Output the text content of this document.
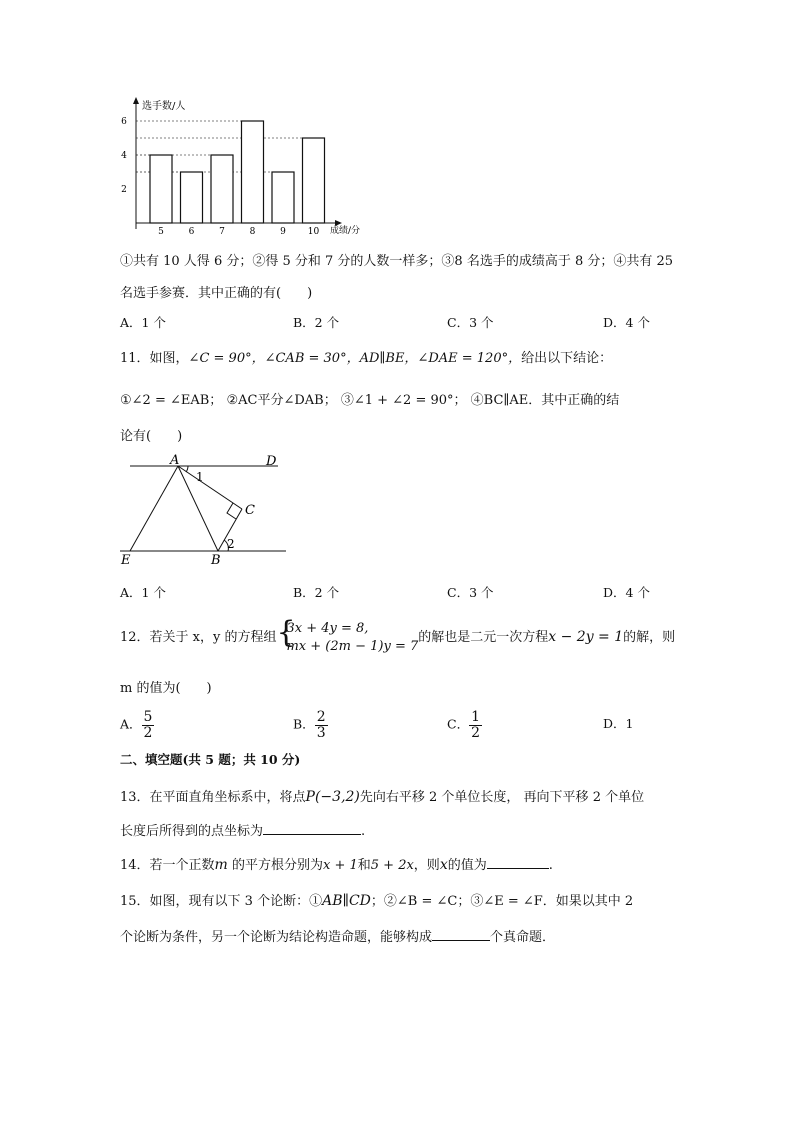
选手数/人
成绩/分
2
4
6
5	6	7	8	9 10
①共有 10 人得 6 分；②得 5 分和 7 分的人数一样多；③8 名选手的成绩高于 8 分；④共有 25
名选手参赛．其中正确的有(　　)
A．1 个	B．2 个	C．3 个	D．4 个
11．如图，∠C = 90°，∠CAB = 30°，AD∥BE，∠DAE = 120°，给出以下结论：
①∠2 = ∠EAB； ②AC平分∠DAB； ③∠1 + ∠2 = 90°； ④BC∥AE．其中正确的结
论有(　　)
A	D
1
C
2
E	B
A．1 个	B．2 个	C．3 个	D．4 个
12．若关于 x，y 的方程组 {
3x + 4y = 8,
mx + (2m − 1)y = 7
的解也是二元一次方程x − 2y = 1的解，则
m 的值为(　　)
A． $\frac{5}{2}$	B． $\frac{2}{3}$	C． $\frac{1}{2}$	D．1
二、填空题(共 5 题；共 10 分)
13．在平面直角坐标系中，将点P(−3,2)先向右平移 2 个单位长度， 再向下平移 2 个单位
长度后所得到的点坐标为	.
14．若一个正数m 的平方根分别为x + 1和5 + 2x，则x的值为	.
15．如图，现有以下 3 个论断：①AB∥CD；②∠B = ∠C；③∠E = ∠F．如果以其中 2
个论断为条件，另一个论断为结论构造命题，能够构成	个真命题．
